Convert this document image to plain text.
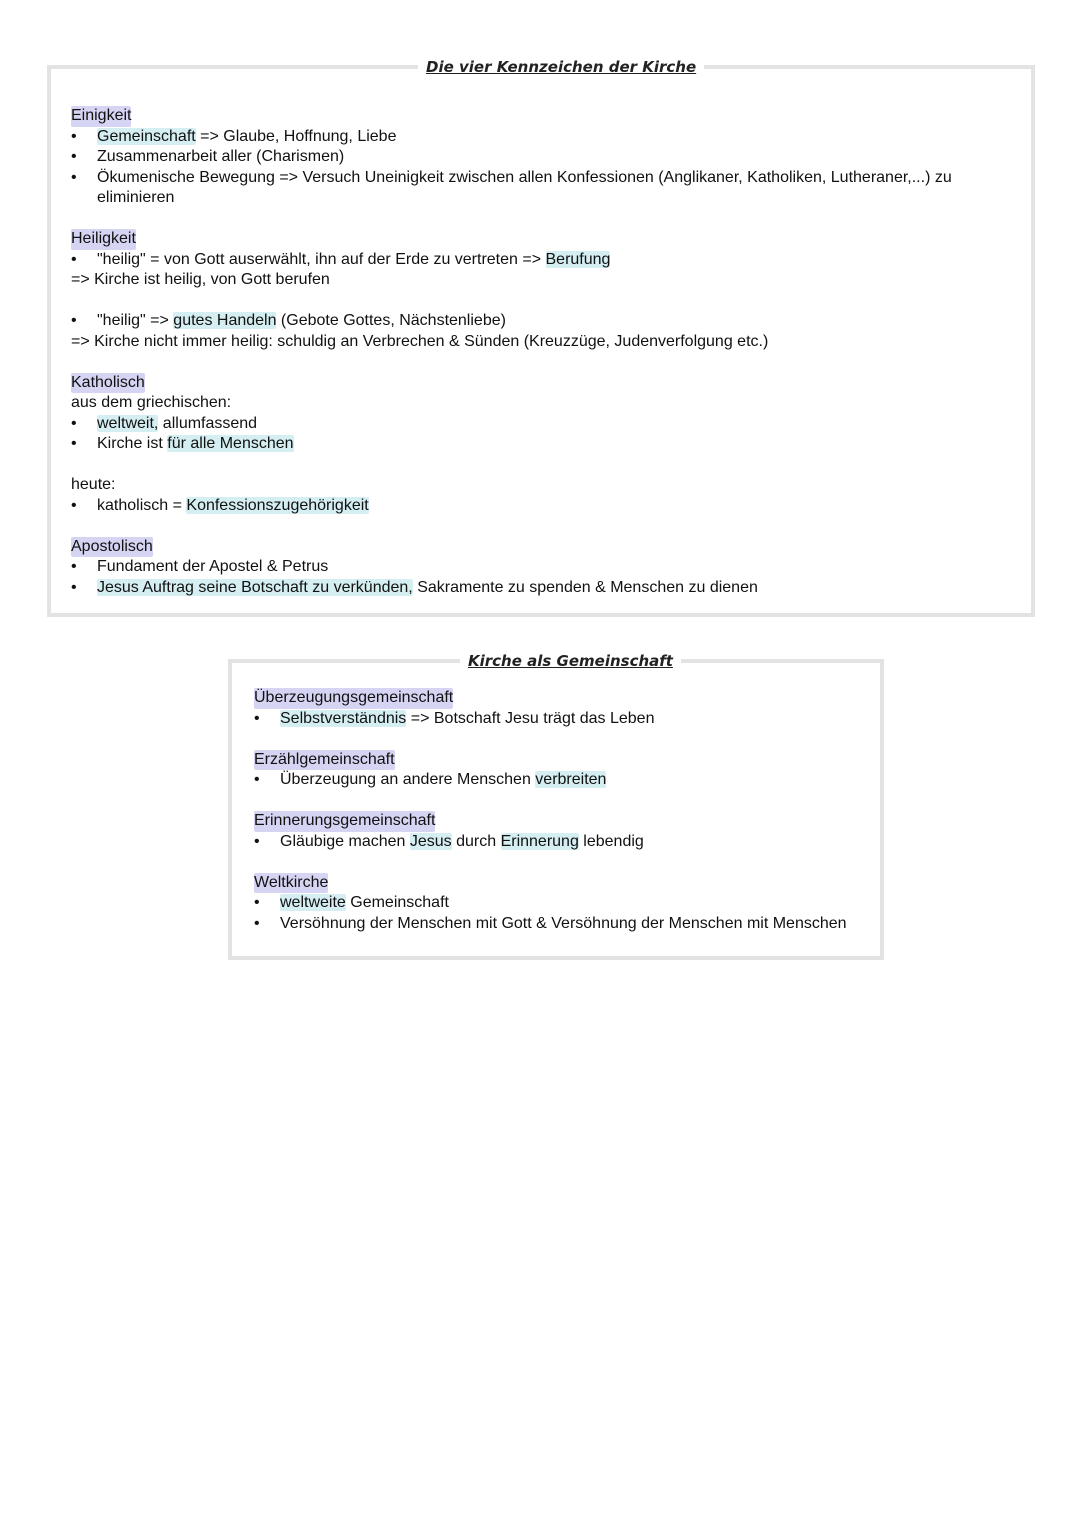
Die vier Kennzeichen der Kirche
Einigkeit
• Gemeinschaft => Glaube, Hoffnung, Liebe
• Zusammenarbeit aller (Charismen)
• Ökumenische Bewegung => Versuch Uneinigkeit zwischen allen Konfessionen (Anglikaner, Katholiken, Lutheraner,...) zu
eliminieren
Heiligkeit
• "heilig" = von Gott auserwählt, ihn auf der Erde zu vertreten => Berufung
=> Kirche ist heilig, von Gott berufen
• "heilig" => gutes Handeln (Gebote Gottes, Nächstenliebe)
=> Kirche nicht immer heilig: schuldig an Verbrechen & Sünden (Kreuzzüge, Judenverfolgung etc.)
Katholisch
aus dem griechischen:
• weltweit, allumfassend
• Kirche ist für alle Menschen
heute:
• katholisch = Konfessionszugehörigkeit
Apostolisch
• Fundament der Apostel & Petrus
• Jesus Auftrag seine Botschaft zu verkünden, Sakramente zu spenden & Menschen zu dienen
Kirche als Gemeinschaft
Überzeugungsgemeinschaft
• Selbstverständnis => Botschaft Jesu trägt das Leben
Erzählgemeinschaft
• Überzeugung an andere Menschen verbreiten
Erinnerungsgemeinschaft
• Gläubige machen Jesus durch Erinnerung lebendig
Weltkirche
• weltweite Gemeinschaft
• Versöhnung der Menschen mit Gott & Versöhnung der Menschen mit Menschen
